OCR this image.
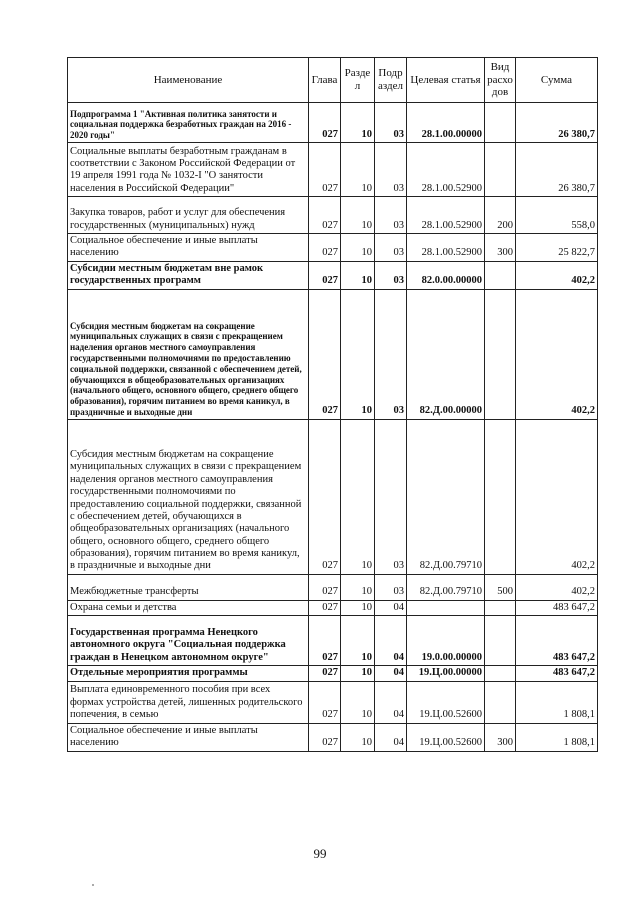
Наименование	Глава	Разде л	Подр аздел	Целевая статья	Вид расхо дов	Сумма
Подпрограмма 1 "Активная политика занятости и социальная поддержка безработных граждан на 2016 - 2020 годы"	027	10	03	28.1.00.00000		26 380,7
Социальные выплаты безработным гражданам в соответствии с Законом Российской Федерации от 19 апреля 1991 года № 1032-I "О занятости населения в Российской Федерации"	027	10	03	28.1.00.52900		26 380,7
Закупка товаров, работ и услуг для обеспечения государственных (муниципальных) нужд	027	10	03	28.1.00.52900	200	558,0
Социальное обеспечение и иные выплаты населению	027	10	03	28.1.00.52900	300	25 822,7
Субсидии местным бюджетам вне рамок государственных программ	027	10	03	82.0.00.00000		402,2
Субсидия местным бюджетам на сокращение муниципальных служащих в связи с прекращением наделения органов местного самоуправления государственными полномочиями по предоставлению социальной поддержки, связанной с обеспечением детей, обучающихся в общеобразовательных организациях (начального общего, основного общего, среднего общего образования), горячим питанием во время каникул, в праздничные и выходные дни	027	10	03	82.Д.00.00000		402,2
Субсидия местным бюджетам на сокращение муниципальных служащих в связи с прекращением наделения органов местного самоуправления государственными полномочиями по предоставлению социальной поддержки, связанной с обеспечением детей, обучающихся в общеобразовательных организациях (начального общего, основного общего, среднего общего образования), горячим питанием во время каникул, в праздничные и выходные дни	027	10	03	82.Д.00.79710		402,2
Межбюджетные трансферты	027	10	03	82.Д.00.79710	500	402,2
Охрана семьи и детства	027	10	04			483 647,2
Государственная программа Ненецкого автономного округа "Социальная поддержка граждан в Ненецком автономном округе"	027	10	04	19.0.00.00000		483 647,2
Отдельные мероприятия программы	027	10	04	19.Ц.00.00000		483 647,2
Выплата единовременного пособия при всех формах устройства детей, лишенных родительского попечения, в семью	027	10	04	19.Ц.00.52600		1 808,1
Социальное обеспечение и иные выплаты населению	027	10	04	19.Ц.00.52600	300	1 808,1
99
